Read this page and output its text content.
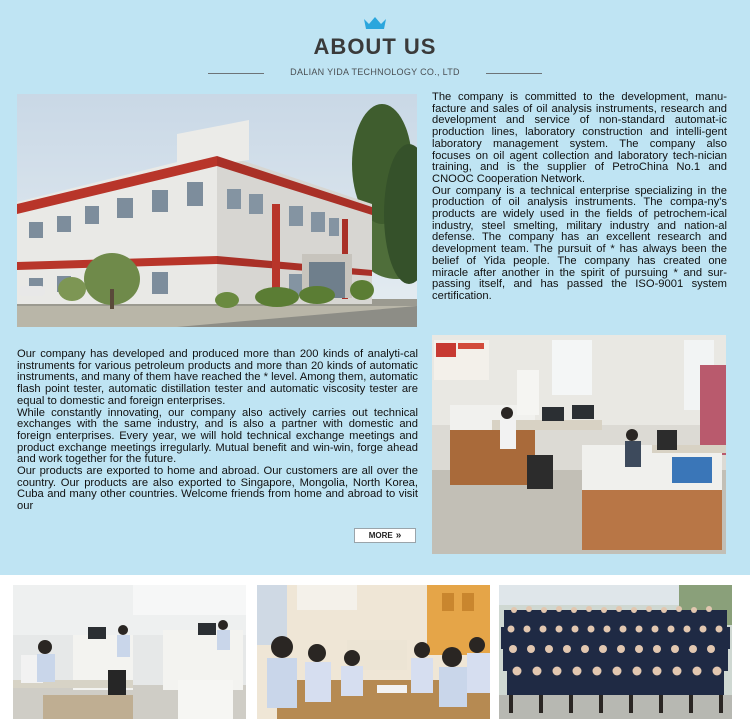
ABOUT US
DALIAN YIDA TECHNOLOGY CO., LTD

The company is committed to the development, manu-facture and sales of oil analysis instruments, research and development and service of non-standard automat-ic production lines, laboratory construction and intelli-gent laboratory management system. The company also focuses on oil agent collection and laboratory tech-nician training, and is the supplier of PetroChina No.1 and CNOOC Cooperation Network.

Our company is a technical enterprise specializing in the production of oil analysis instruments. The compa-ny's products are widely used in the fields of petrochem-ical industry, steel smelting, military industry and nation-al defense. The company has an excellent research and development team. The pursuit of * has always been the belief of Yida people. The company has created one miracle after another in the spirit of pursuing * and sur-passing itself, and has passed the ISO-9001 system certification.

Our company has developed and produced more than 200 kinds of analyti-cal instruments for various petroleum products and more than 20 kinds of automatic instruments, and many of them have reached the * level. Among them, automatic flash point tester, automatic distillation tester and automatic viscosity tester are equal to domestic and foreign enterprises.

While constantly innovating, our company also actively carries out technical exchanges with the same industry, and is also a partner with domestic and foreign enterprises. Every year, we will hold technical exchange meetings and product exchange meetings irregularly. Mutual benefit and win-win, forge ahead and work together for the future.

Our products are exported to home and abroad. Our customers are all over the country. Our products are also exported to Singapore, Mongolia, North Korea, Cuba and many other countries. Welcome friends from home and abroad to visit our

MORE »
